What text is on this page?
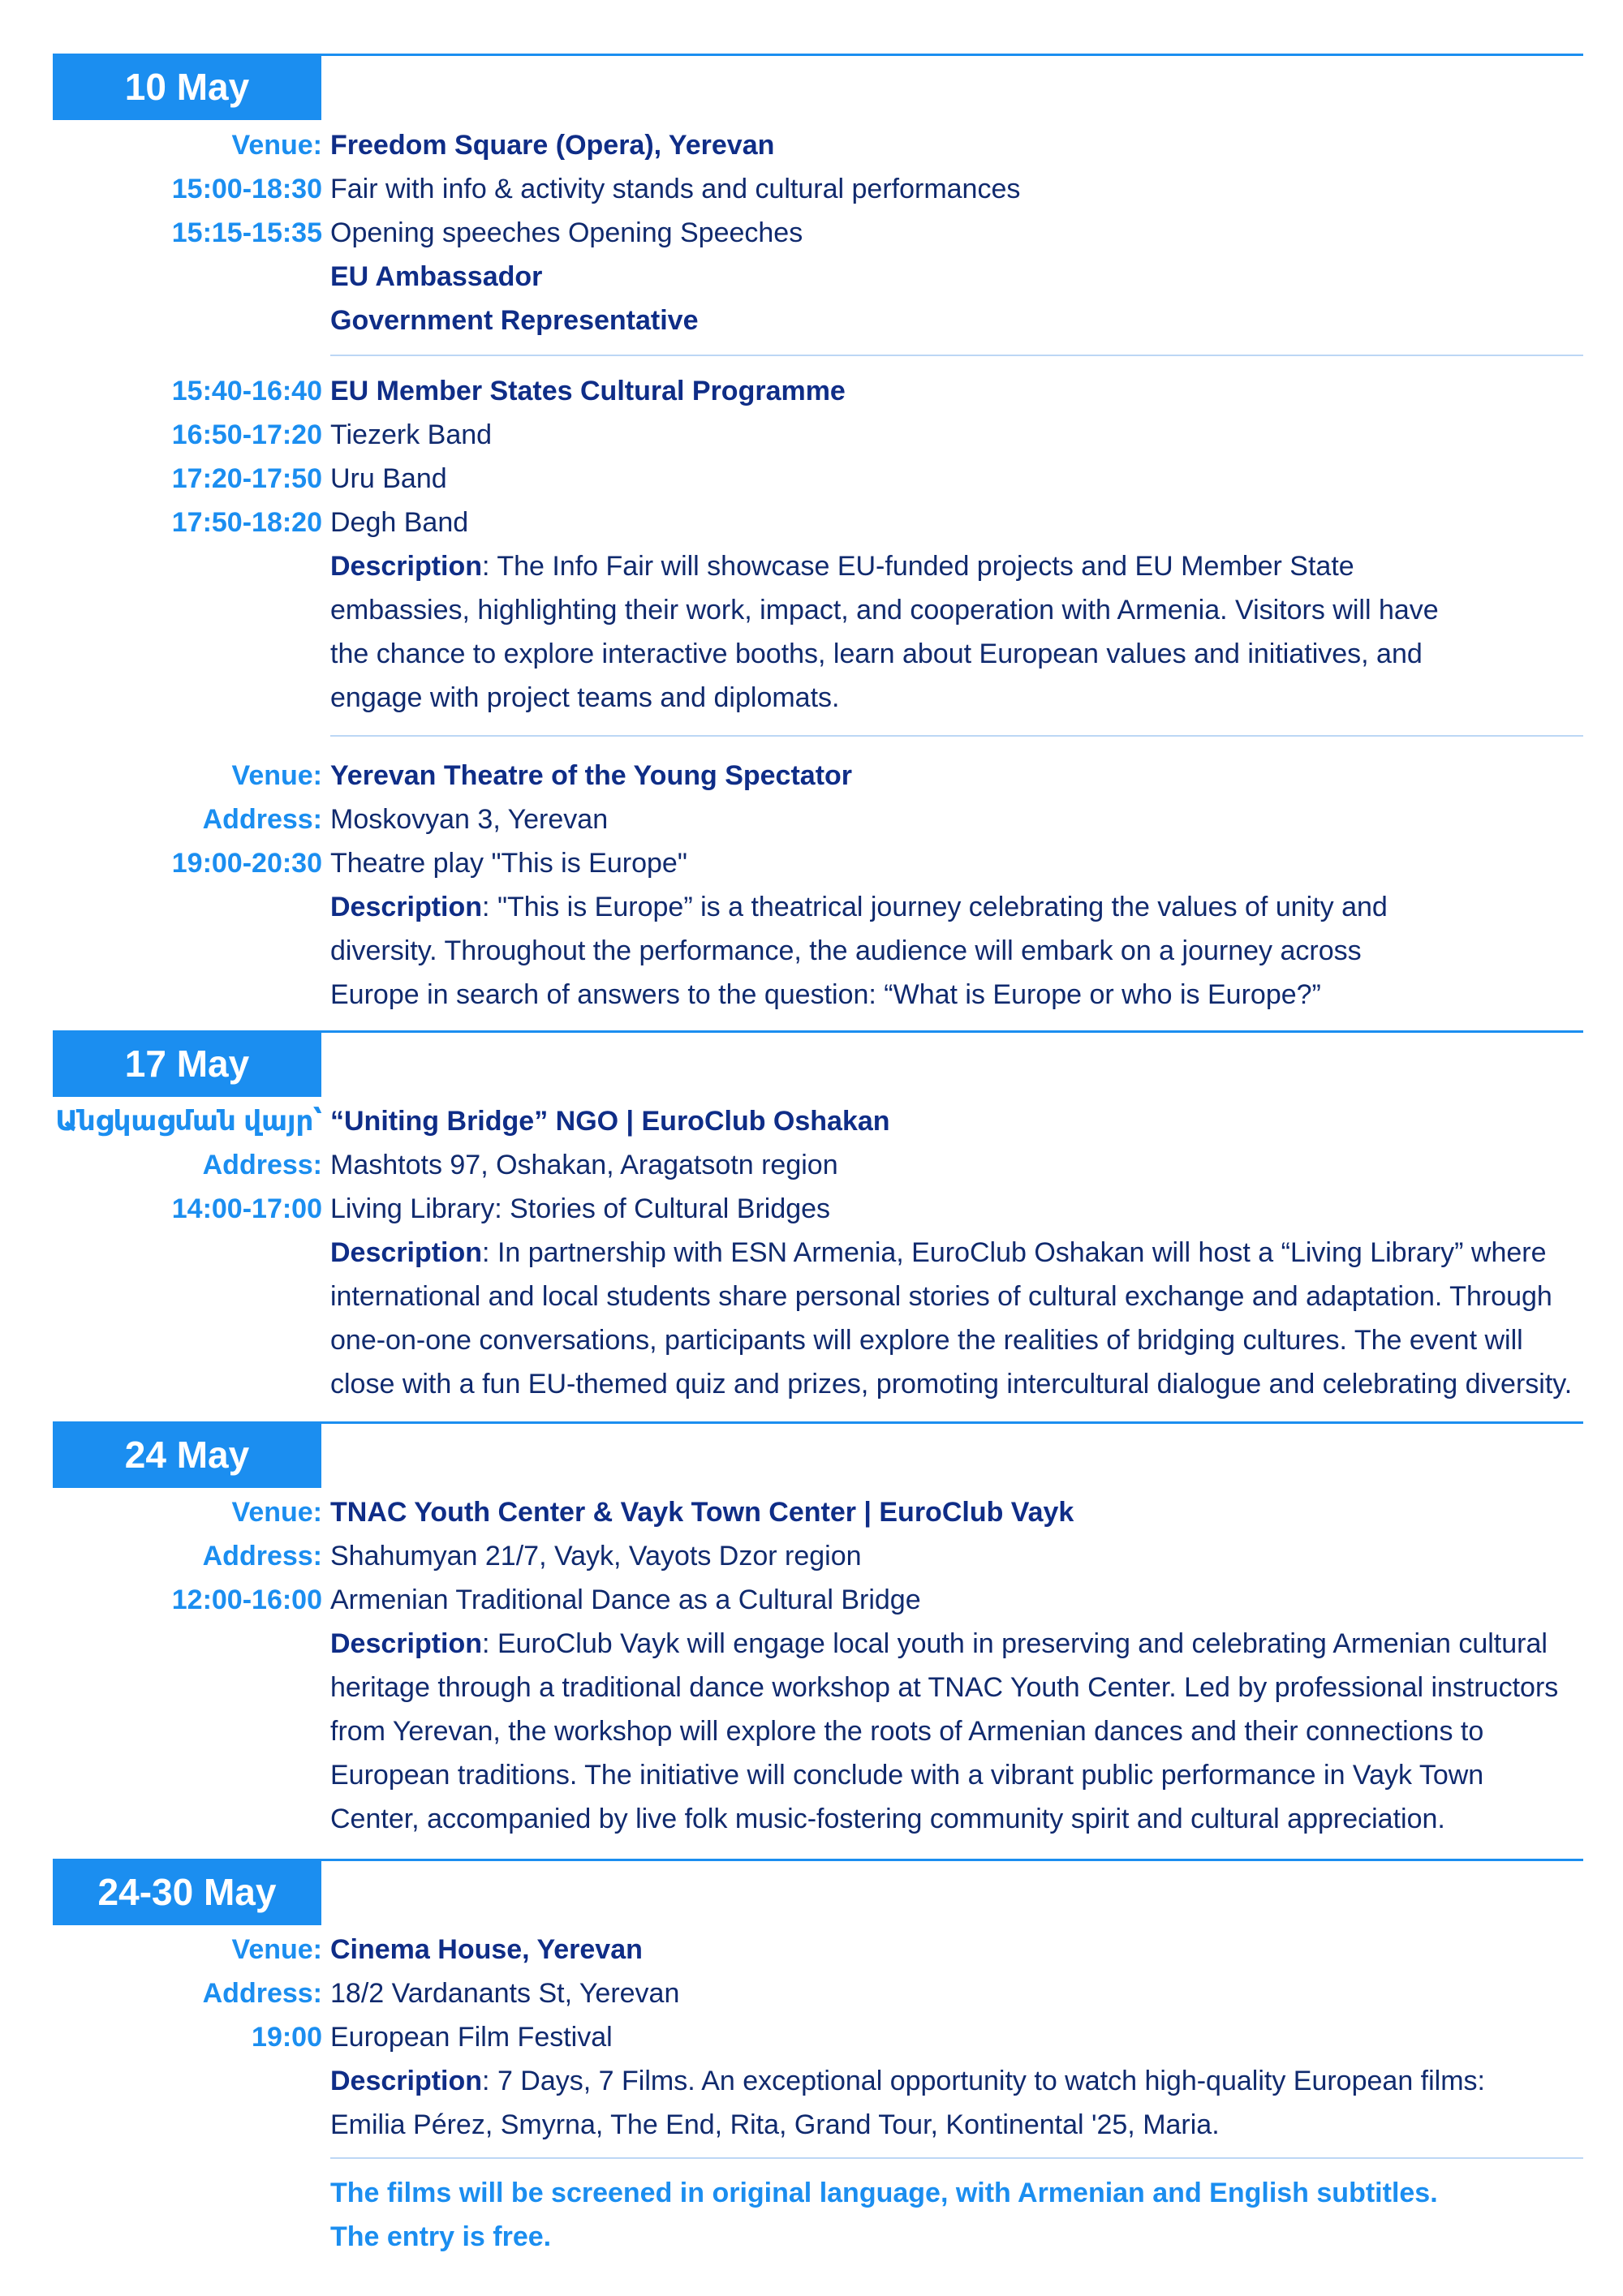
10 May
Venue: Freedom Square (Opera), Yerevan
15:00-18:30 Fair with info & activity stands and cultural performances
15:15-15:35 Opening speeches Opening Speeches
EU Ambassador
Government Representative
15:40-16:40 EU Member States Cultural Programme
16:50-17:20 Tiezerk Band
17:20-17:50 Uru Band
17:50-18:20 Degh Band
Description: The Info Fair will showcase EU-funded projects and EU Member State
embassies, highlighting their work, impact, and cooperation with Armenia. Visitors will have
the chance to explore interactive booths, learn about European values and initiatives, and
engage with project teams and diplomats.
Venue: Yerevan Theatre of the Young Spectator
Address: Moskovyan 3, Yerevan
19:00-20:30 Theatre play "This is Europe"
Description: "This is Europe” is a theatrical journey celebrating the values of unity and
diversity. Throughout the performance, the audience will embark on a journey across
Europe in search of answers to the question: “What is Europe or who is Europe?”
17 May
Անցկացման վայր՝ “Uniting Bridge” NGO | EuroClub Oshakan
Address: Mashtots 97, Oshakan, Aragatsotn region
14:00-17:00 Living Library: Stories of Cultural Bridges
Description: In partnership with ESN Armenia, EuroClub Oshakan will host a “Living Library” where
international and local students share personal stories of cultural exchange and adaptation. Through
one-on-one conversations, participants will explore the realities of bridging cultures. The event will
close with a fun EU-themed quiz and prizes, promoting intercultural dialogue and celebrating diversity.
24 May
Venue: TNAC Youth Center & Vayk Town Center | EuroClub Vayk
Address: Shahumyan 21/7, Vayk, Vayots Dzor region
12:00-16:00 Armenian Traditional Dance as a Cultural Bridge
Description: EuroClub Vayk will engage local youth in preserving and celebrating Armenian cultural
heritage through a traditional dance workshop at TNAC Youth Center. Led by professional instructors
from Yerevan, the workshop will explore the roots of Armenian dances and their connections to
European traditions. The initiative will conclude with a vibrant public performance in Vayk Town
Center, accompanied by live folk music-fostering community spirit and cultural appreciation.
24-30 May
Venue: Cinema House, Yerevan
Address: 18/2 Vardanants St, Yerevan
19:00 European Film Festival
Description: 7 Days, 7 Films. An exceptional opportunity to watch high-quality European films:
Emilia Pérez, Smyrna, The End, Rita, Grand Tour, Kontinental '25, Maria.
The films will be screened in original language, with Armenian and English subtitles.
The entry is free.
